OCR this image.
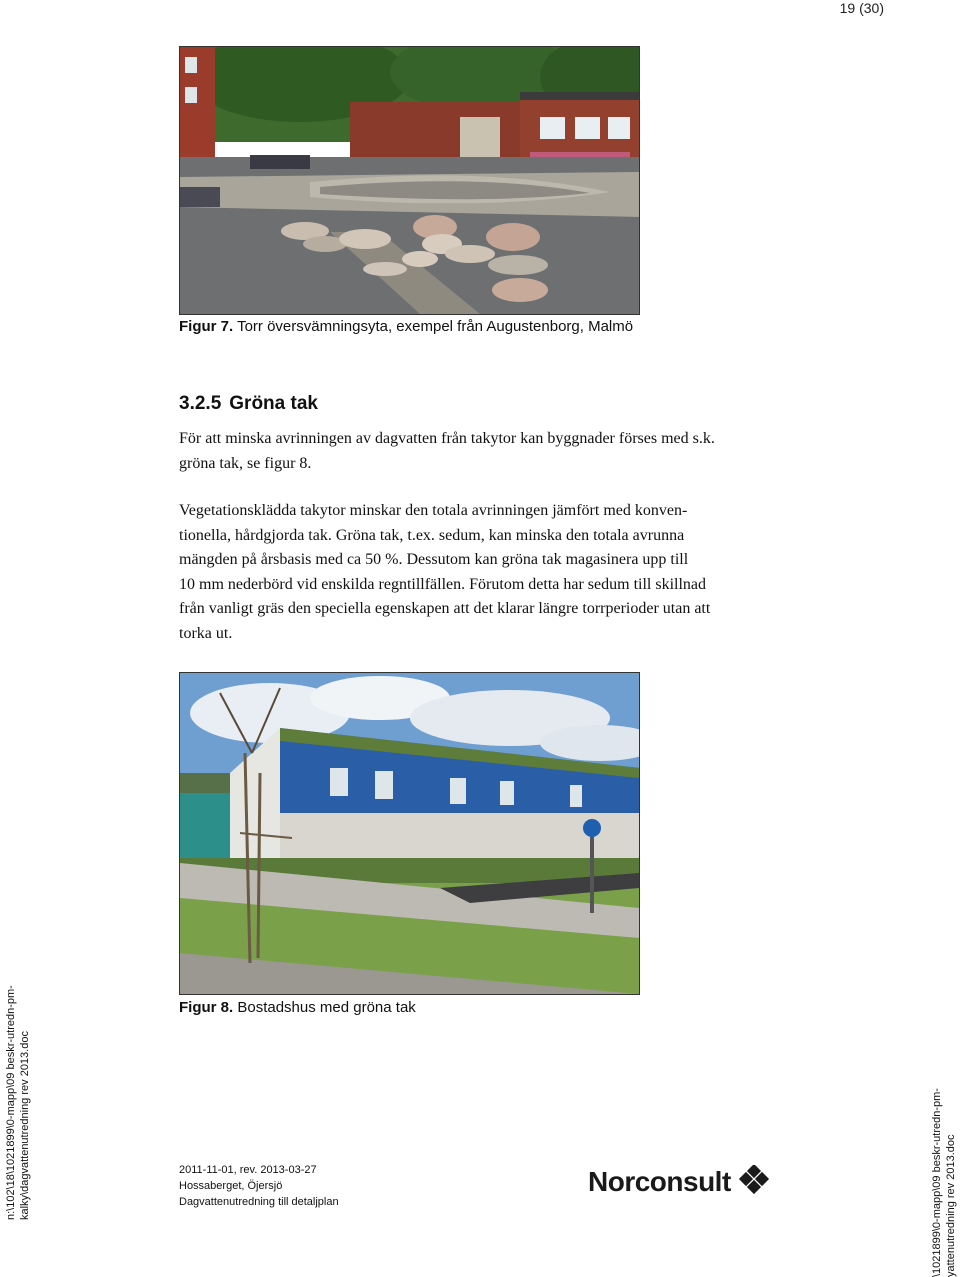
19 (30)
Figur 7. Torr översvämningsyta, exempel från Augustenborg, Malmö
3.2.5 Gröna tak
För att minska avrinningen av dagvatten från takytor kan byggnader förses med s.k.
gröna tak, se figur 8.
Vegetationsklädda takytor minskar den totala avrinningen jämfört med konven-
tionella, hårdgjorda tak. Gröna tak, t.ex. sedum, kan minska den totala avrunna
mängden på årsbasis med ca 50 %. Dessutom kan gröna tak magasinera upp till
10 mm nederbörd vid enskilda regntillfällen. Förutom detta har sedum till skillnad
från vanligt gräs den speciella egenskapen att det klarar längre torrperioder utan att
torka ut.
Figur 8. Bostadshus med gröna tak
2011-11-01, rev. 2013-03-27
Hossaberget, Öjersjö
Dagvattenutredning till detaljplan
Norconsult
n:\102\18\1021899\0-mapp\09 beskr-utredn-pm- kalky\dagvattenutredning rev 2013.doc	\1021899\0-mapp\09 beskr-utredn-pm- yattenutredning rev 2013.doc
